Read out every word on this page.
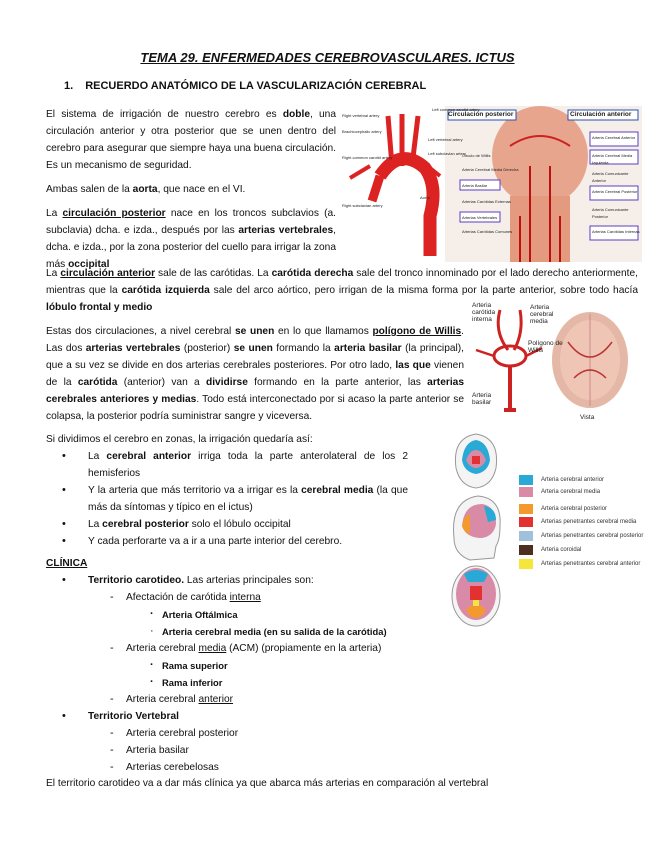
TEMA 29. ENFERMEDADES CEREBROVASCULARES. ICTUS
1. RECUERDO ANATÓMICO DE LA VASCULARIZACIÓN CEREBRAL
El sistema de irrigación de nuestro cerebro es doble, una circulación anterior y otra posterior que se unen dentro del cerebro para asegurar que siempre haya una buena circulación. Es un mecanismo de seguridad.
Ambas salen de la aorta, que nace en el VI.
La circulación posterior nace en los troncos subclavios (a. subclavia) dcha. e izda., después por las arterias vertebrales, dcha. e izda., por la zona posterior del cuello para irrigar la zona más occipital
Circulación posterior	Circulación anterior
Left common carotid artery
Right vertebral artery
Brachiocephalic artery
Right common carotid artery
Left vertebral artery
Left subclavian artery
Right subclavian artery
Aorta
Circulo de Willis
Arteria Cerebral Media Derecha
Arteria Basilar
Arterias Carótidas Externas
Arterias Vertebrales
Arterias Carótidas Comunes
Arteria Cerebral Anterior
Arteria Cerebral Media Izquierda
Arteria Comunicante Anterior
Arteria Cerebral Posterior
Arteria Comunicante Posterior
Arterias Carótidas Internas
La circulación anterior sale de las carótidas. La carótida derecha sale del tronco innominado por el lado derecho anteriormente, mientras que la carótida izquierda sale del arco aórtico, pero irrigan de la misma forma por la parte anterior, sobre todo hacía lóbulo frontal y medio
Estas dos circulaciones, a nivel cerebral se unen en lo que llamamos polígono de Willis. Las dos arterias vertebrales (posterior) se unen formando la arteria basilar (la principal), que a su vez se divide en dos arterias cerebrales posteriores. Por otro lado, las que vienen de la carótida (anterior) van a dividirse formando en la parte anterior, las arterias cerebrales anteriores y medias. Todo está interconectado por si acaso la parte anterior se colapsa, la posterior podría suministrar sangre y viceversa.
Arteria carótida interna
Arteria cerebral media
Polígono de Willis
Arteria basilar
Vista
Si dividimos el cerebro en zonas, la irrigación quedaría así:
• La cerebral anterior irriga toda la parte anterolateral de los 2 hemisferios
• Y la arteria que más territorio va a irrigar es la cerebral media (la que más da síntomas y típico en el ictus)
• La cerebral posterior solo el lóbulo occipital
• Y cada perforarte va a ir a una parte interior del cerebro.
Arteria cerebral anterior
Arteria cerebral media
Arteria cerebral posterior
Arterias penetrantes cerebral media
Arterias penetrantes cerebral posterior
Arteria coroidal
Arterias penetrantes cerebral anterior
CLÍNICA
• Territorio carotideo. Las arterias principales son:
- Afectación de carótida interna
· Arteria Oftálmica
· Arteria cerebral media (en su salida de la carótida)
- Arteria cerebral media (ACM) (propiamente en la arteria)
· Rama superior
· Rama inferior
- Arteria cerebral anterior
• Territorio Vertebral
- Arteria cerebral posterior
- Arteria basilar
- Arterias cerebelosas
El territorio carotideo va a dar más clínica ya que abarca más arterias en comparación al vertebral
